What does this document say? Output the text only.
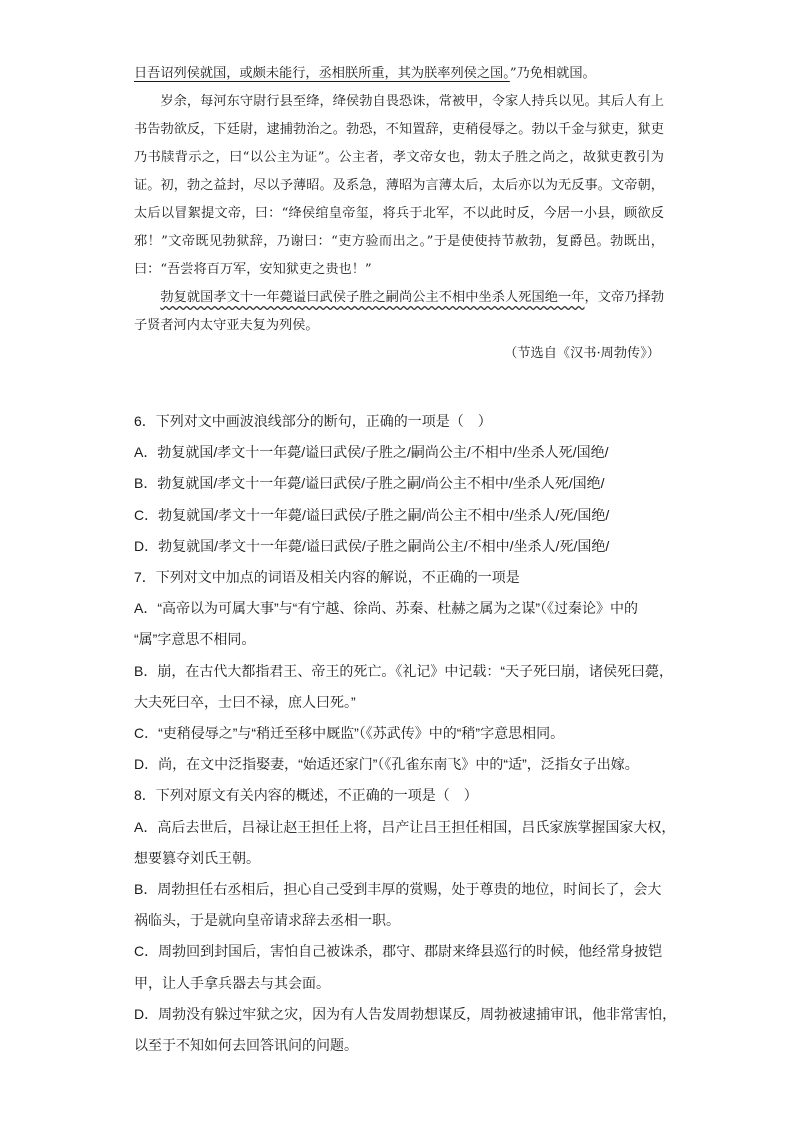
日吾诏列侯就国，或颇未能行，丞相朕所重，其为朕率列侯之国。”乃免相就国。

岁余，每河东守尉行县至绛，绛侯勃自畏恐诛，常被甲，令家人持兵以见。其后人有上书告勃欲反，下廷尉，逮捕勃治之。勃恐，不知置辞，吏稍侵辱之。勃以千金与狱吏，狱吏乃书牍背示之，曰“以公主为证”。公主者，孝文帝女也，勃太子胜之尚之，故狱吏教引为证。初，勃之益封，尽以予薄昭。及系急，薄昭为言薄太后，太后亦以为无反事。文帝朝，太后以冒絮提文帝，曰：“绛侯绾皇帝玺，将兵于北军，不以此时反，今居一小县，顾欲反邪！”文帝既见勃狱辞，乃谢曰：“吏方验而出之。”于是使使持节赦勃，复爵邑。勃既出，曰：“吾尝将百万军，安知狱吏之贵也！”

勃复就国孝文十一年薨谥曰武侯子胜之嗣尚公主不相中坐杀人死国绝一年，文帝乃择勃子贤者河内太守亚夫复为列侯。

（节选自《汉书·周勃传》）

6．下列对文中画波浪线部分的断句，正确的一项是（　）
A．勃复就国/孝文十一年薨/谥曰武侯/子胜之/嗣尚公主/不相中/坐杀人死/国绝/
B．勃复就国/孝文十一年薨/谥曰武侯/子胜之嗣/尚公主不相中/坐杀人死/国绝/
C．勃复就国/孝文十一年薨/谥曰武侯/子胜之嗣/尚公主不相中/坐杀人/死/国绝/
D．勃复就国/孝文十一年薨/谥曰武侯/子胜之嗣尚公主/不相中/坐杀人/死/国绝/
7．下列对文中加点的词语及相关内容的解说，不正确的一项是
A．“高帝以为可属大事”与“有宁越、徐尚、苏秦、杜赫之属为之谋”（《过秦论》中的
“属”字意思不相同。
B．崩，在古代大都指君王、帝王的死亡。《礼记》中记载：“天子死曰崩，诸侯死曰薨，
大夫死曰卒，士曰不禄，庶人曰死。”
C．“吏稍侵辱之”与“稍迁至移中厩监”（《苏武传》中的“稍”字意思相同。
D．尚，在文中泛指娶妻，“始适还家门”（《孔雀东南飞》中的“适”，泛指女子出嫁。
8．下列对原文有关内容的概述，不正确的一项是（　）
A．高后去世后，吕禄让赵王担任上将，吕产让吕王担任相国，吕氏家族掌握国家大权，
想要篡夺刘氏王朝。
B．周勃担任右丞相后，担心自己受到丰厚的赏赐，处于尊贵的地位，时间长了，会大
祸临头，于是就向皇帝请求辞去丞相一职。
C．周勃回到封国后，害怕自己被诛杀，郡守、郡尉来绛县巡行的时候，他经常身披铠
甲，让人手拿兵器去与其会面。
D．周勃没有躲过牢狱之灾，因为有人告发周勃想谋反，周勃被逮捕审讯，他非常害怕，
以至于不知如何去回答讯问的问题。
